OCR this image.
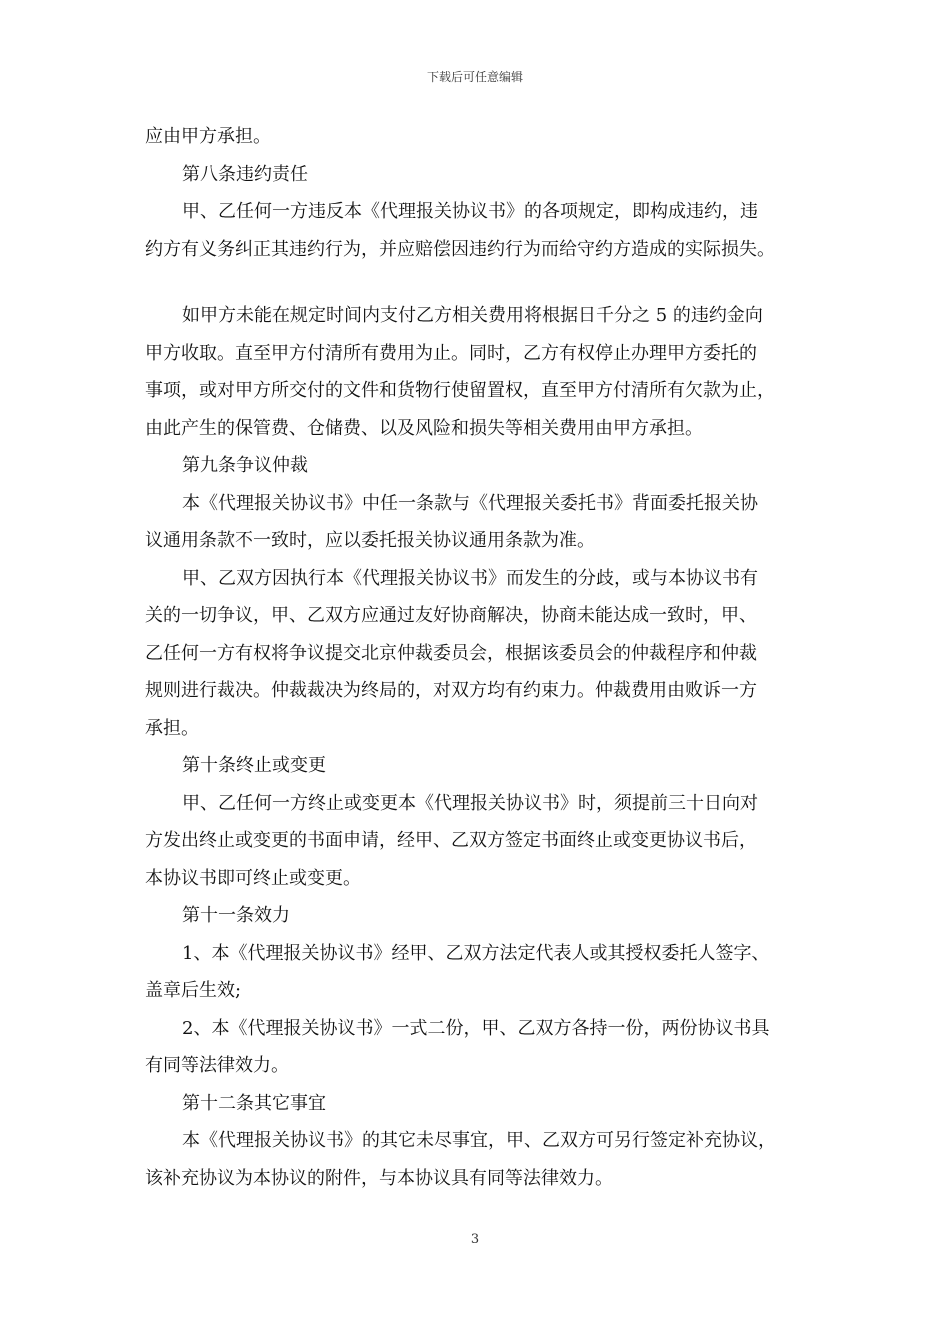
下载后可任意编辑
应由甲方承担。
第八条违约责任
甲、乙任何一方违反本《代理报关协议书》的各项规定，即构成违约，违
约方有义务纠正其违约行为，并应赔偿因违约行为而给守约方造成的实际损失。
如甲方未能在规定时间内支付乙方相关费用将根据日千分之 5 的违约金向
甲方收取。直至甲方付清所有费用为止。同时，乙方有权停止办理甲方委托的
事项，或对甲方所交付的文件和货物行使留置权，直至甲方付清所有欠款为止，
由此产生的保管费、仓储费、以及风险和损失等相关费用由甲方承担。
第九条争议仲裁
本《代理报关协议书》中任一条款与《代理报关委托书》背面委托报关协
议通用条款不一致时，应以委托报关协议通用条款为准。
甲、乙双方因执行本《代理报关协议书》而发生的分歧，或与本协议书有
关的一切争议，甲、乙双方应通过友好协商解决，协商未能达成一致时，甲、
乙任何一方有权将争议提交北京仲裁委员会，根据该委员会的仲裁程序和仲裁
规则进行裁决。仲裁裁决为终局的，对双方均有约束力。仲裁费用由败诉一方
承担。
第十条终止或变更
甲、乙任何一方终止或变更本《代理报关协议书》时，须提前三十日向对
方发出终止或变更的书面申请，经甲、乙双方签定书面终止或变更协议书后，
本协议书即可终止或变更。
第十一条效力
1、本《代理报关协议书》经甲、乙双方法定代表人或其授权委托人签字、
盖章后生效;
2、本《代理报关协议书》一式二份，甲、乙双方各持一份，两份协议书具
有同等法律效力。
第十二条其它事宜
本《代理报关协议书》的其它未尽事宜，甲、乙双方可另行签定补充协议，
该补充协议为本协议的附件，与本协议具有同等法律效力。
3
